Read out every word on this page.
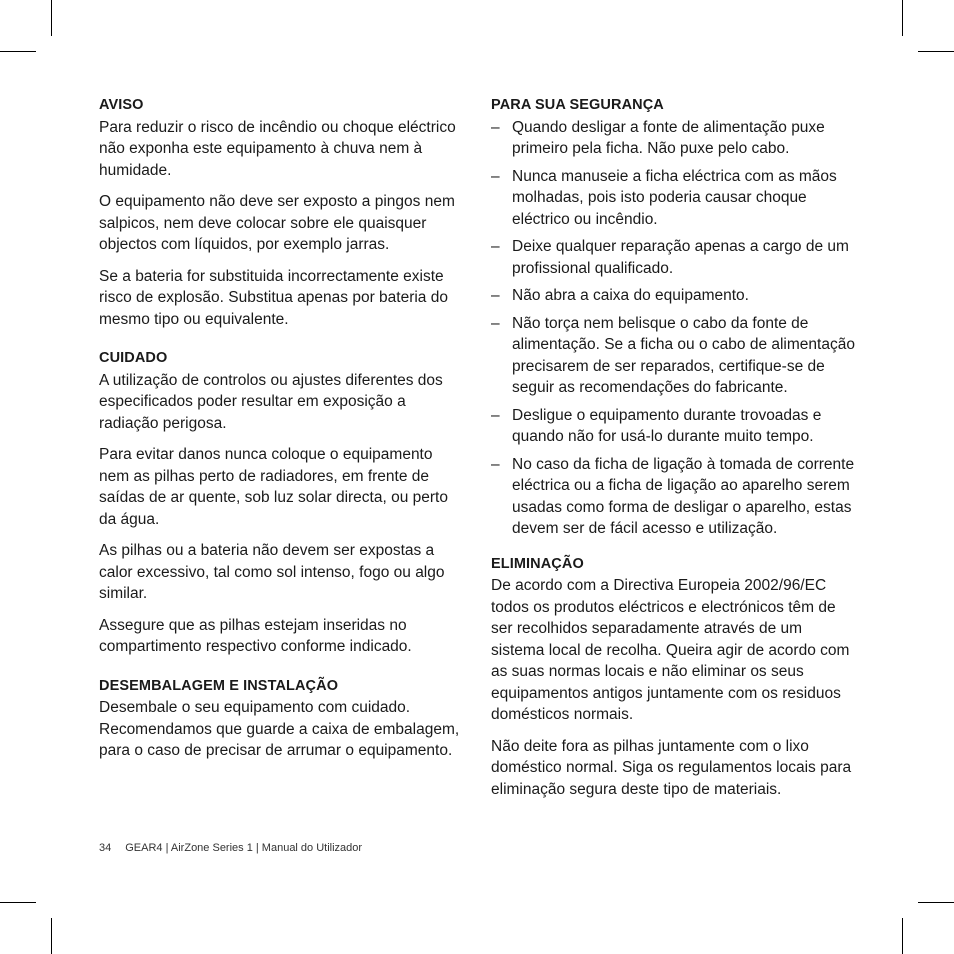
AVISO

Para reduzir o risco de incêndio ou choque eléctrico não exponha este equipamento à chuva nem à humidade.

O equipamento não deve ser exposto a pingos nem salpicos, nem deve colocar sobre ele quaisquer objectos com líquidos, por exemplo jarras.

Se a bateria for substituida incorrectamente existe risco de explosão. Substitua apenas por bateria do mesmo tipo ou equivalente.

CUIDADO

A utilização de controlos ou ajustes diferentes dos especificados poder resultar em exposição a radiação perigosa.

Para evitar danos nunca coloque o equipamento nem as pilhas perto de radiadores, em frente de saídas de ar quente, sob luz solar directa, ou perto da água.

As pilhas ou a bateria não devem ser expostas a calor excessivo, tal como sol intenso, fogo ou algo similar.

Assegure que as pilhas estejam inseridas no compartimento respectivo conforme indicado.

DESEMBALAGEM E INSTALAÇÃO

Desembale o seu equipamento com cuidado. Recomendamos que guarde a caixa de embalagem, para o caso de precisar de arrumar o equipamento.

PARA SUA SEGURANÇA
– Quando desligar a fonte de alimentação puxe primeiro pela ficha. Não puxe pelo cabo.
– Nunca manuseie a ficha eléctrica com as mãos molhadas, pois isto poderia causar choque eléctrico ou incêndio.
– Deixe qualquer reparação apenas a cargo de um profissional qualificado.
– Não abra a caixa do equipamento.
– Não torça nem belisque o cabo da fonte de alimentação. Se a ficha ou o cabo de alimentação precisarem de ser reparados, certifique-se de seguir as recomendações do fabricante.
– Desligue o equipamento durante trovoadas e quando não for usá-lo durante muito tempo.
– No caso da ficha de ligação à tomada de corrente eléctrica ou a ficha de ligação ao aparelho serem usadas como forma de desligar o aparelho, estas devem ser de fácil acesso e utilização.
ELIMINAÇÃO

De acordo com a Directiva Europeia 2002/96/EC todos os produtos eléctricos e electrónicos têm de ser recolhidos separadamente através de um sistema local de recolha. Queira agir de acordo com as suas normas locais e não eliminar os seus equipamentos antigos juntamente com os residuos domésticos normais.

Não deite fora as pilhas juntamente com o lixo doméstico normal. Siga os regulamentos locais para eliminação segura deste tipo de materiais.

34 GEAR4 | AirZone Series 1 | Manual do Utilizador
